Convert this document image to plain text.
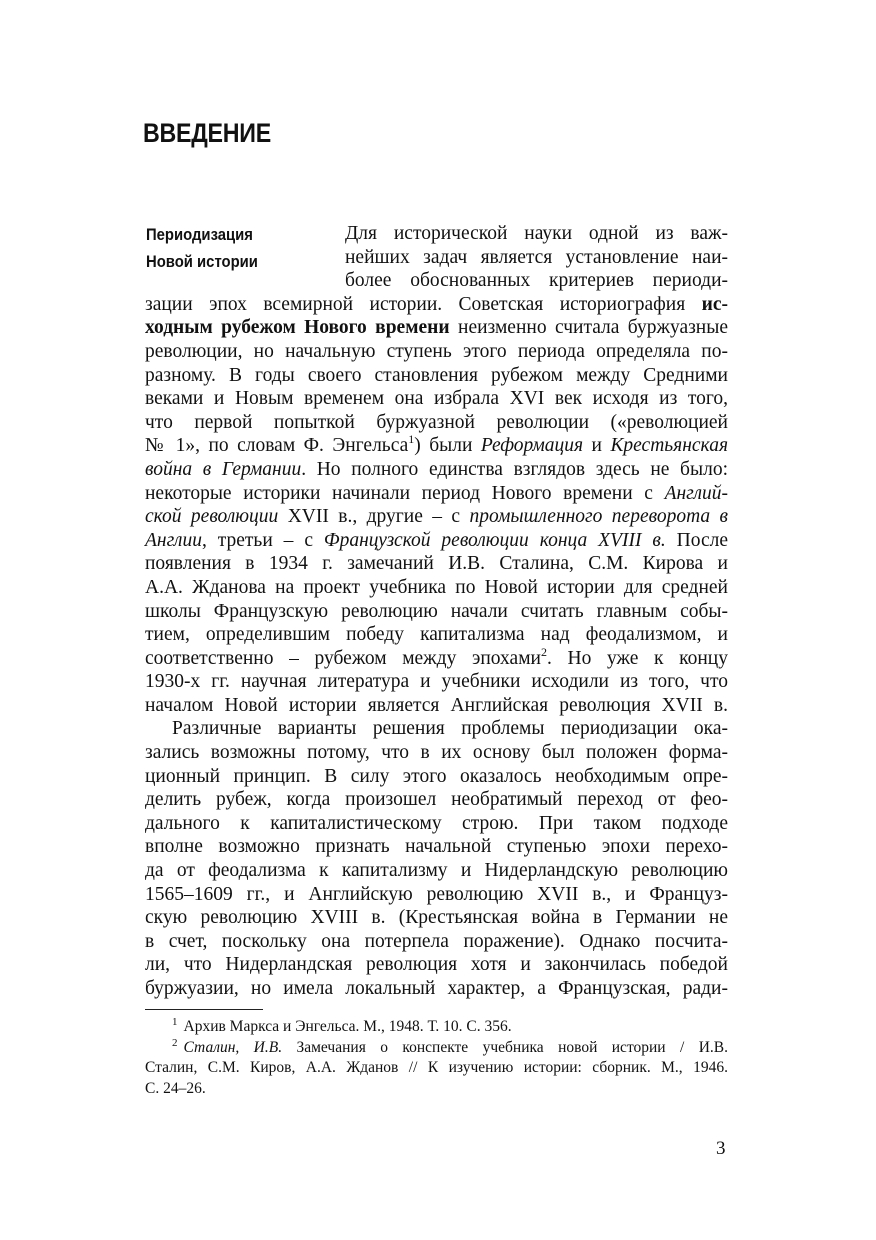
ВВЕДЕНИЕ
Периодизация
Новой истории
Для исторической науки одной из важ-
нейших задач является установление наи-
более обоснованных критериев периоди-
зации эпох всемирной истории. Советская историография ис-
ходным рубежом Нового времени неизменно считала буржуазные
революции, но начальную ступень этого периода определяла по-
разному. В годы своего становления рубежом между Средними
веками и Новым временем она избрала XVI век исходя из того,
что первой попыткой буржуазной революции («революцией
№ 1», по словам Ф. Энгельса$^1$) были Реформация и Крестьянская
война в Германии. Но полного единства взглядов здесь не было:
некоторые историки начинали период Нового времени с Англий-
ской революции XVII в., другие – с промышленного переворота в
Англии, третьи – с Французской революции конца XVIII в. После
появления в 1934 г. замечаний И.В. Сталина, С.М. Кирова и
А.А. Жданова на проект учебника по Новой истории для средней
школы Французскую революцию начали считать главным собы-
тием, определившим победу капитализма над феодализмом, и
соответственно – рубежом между эпохами$^2$. Но уже к концу
1930-х гг. научная литература и учебники исходили из того, что
началом Новой истории является Английская революция XVII в.
Различные варианты решения проблемы периодизации ока-
зались возможны потому, что в их основу был положен форма-
ционный принцип. В силу этого оказалось необходимым опре-
делить рубеж, когда произошел необратимый переход от фео-
дального к капиталистическому строю. При таком подходе
вполне возможно признать начальной ступенью эпохи перехо-
да от феодализма к капитализму и Нидерландскую революцию
1565–1609 гг., и Английскую революцию XVII в., и Француз-
скую революцию XVIII в. (Крестьянская война в Германии не
в счет, поскольку она потерпела поражение). Однако посчита-
ли, что Нидерландская революция хотя и закончилась победой
буржуазии, но имела локальный характер, а Французская, ради-
$^1$ Архив Маркса и Энгельса. М., 1948. Т. 10. С. 356.
$^2$ Сталин, И.В. Замечания о конспекте учебника новой истории / И.В.
Сталин, С.М. Киров, А.А. Жданов // К изучению истории: сборник. М., 1946.
С. 24–26.
3
